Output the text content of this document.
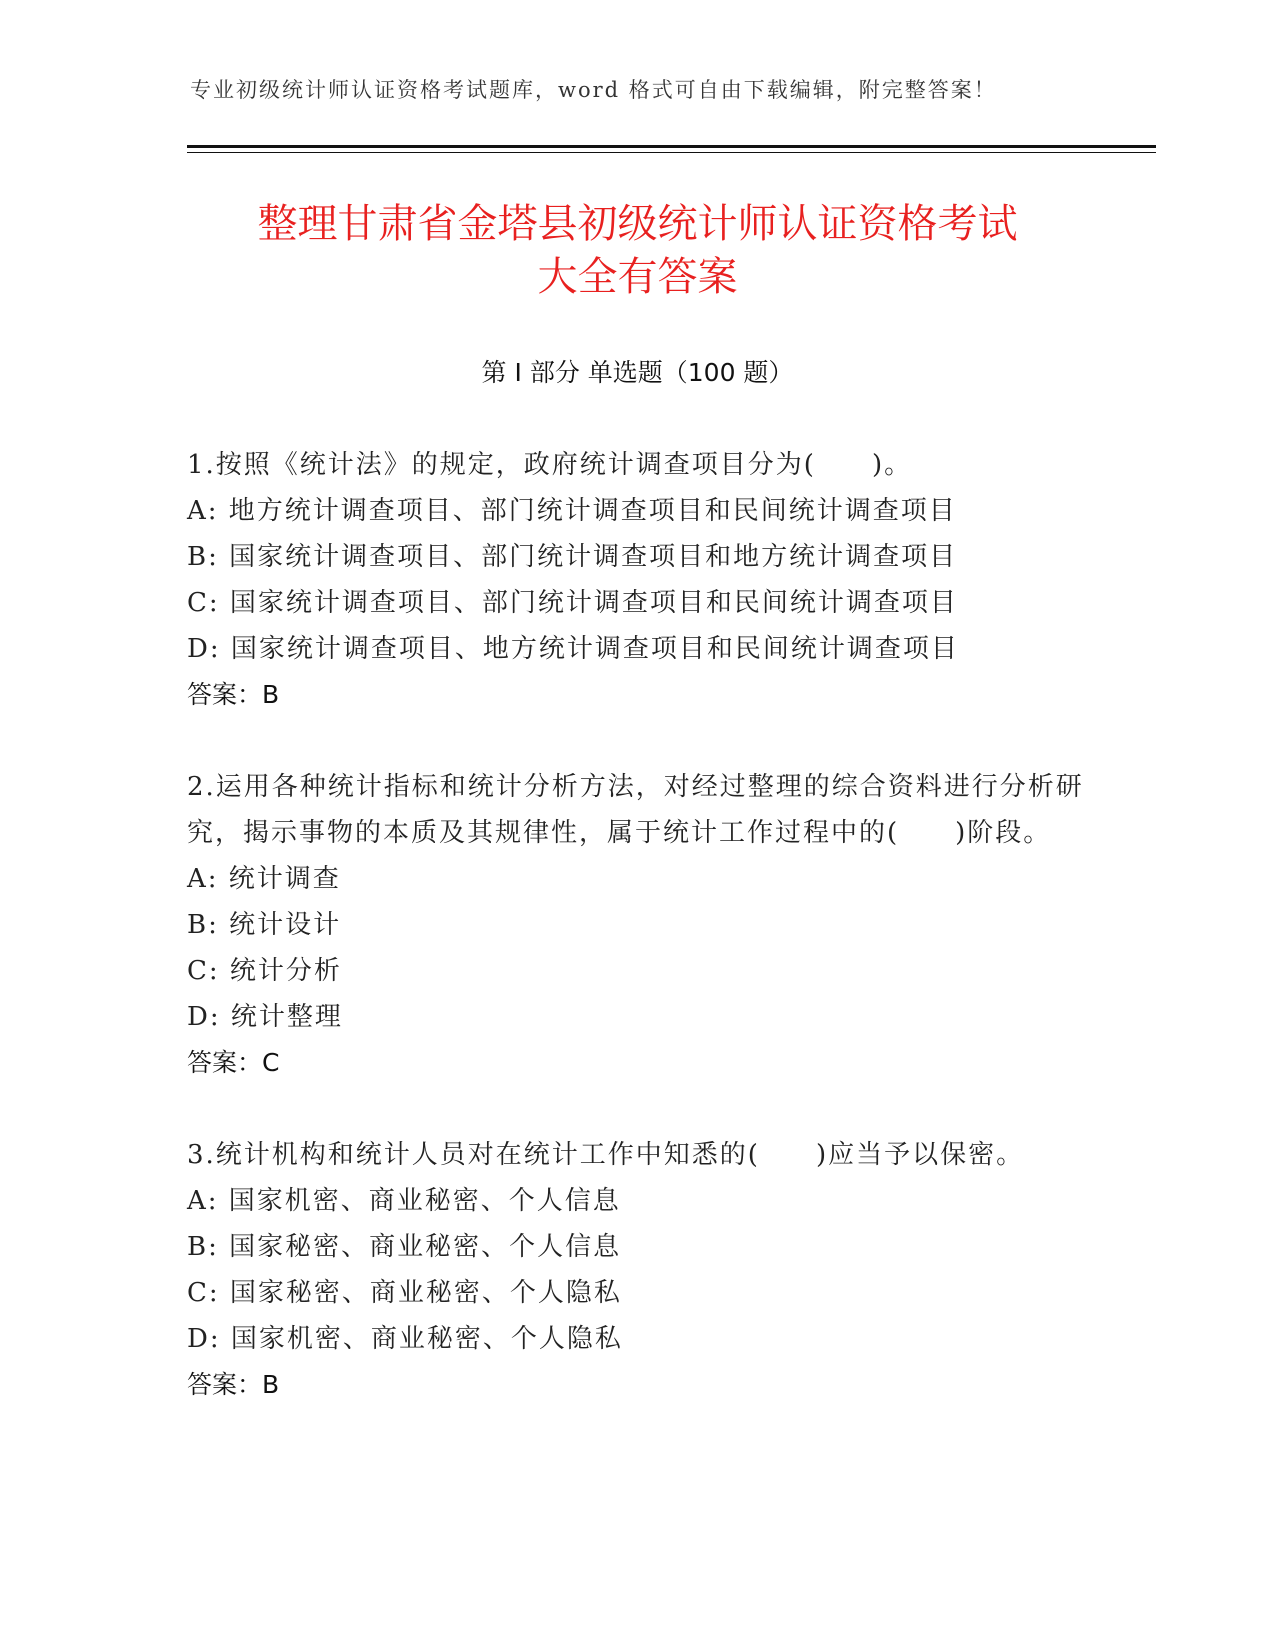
专业初级统计师认证资格考试题库，word 格式可自由下载编辑，附完整答案！
整理甘肃省金塔县初级统计师认证资格考试
大全有答案
第 I 部分 单选题（100 题）
1.按照《统计法》的规定，政府统计调查项目分为(　　)。
A: 地方统计调查项目、部门统计调查项目和民间统计调查项目
B: 国家统计调查项目、部门统计调查项目和地方统计调查项目
C: 国家统计调查项目、部门统计调查项目和民间统计调查项目
D: 国家统计调查项目、地方统计调查项目和民间统计调查项目
答案：B
2.运用各种统计指标和统计分析方法，对经过整理的综合资料进行分析研究，揭示事物的本质及其规律性，属于统计工作过程中的(　　)阶段。
A: 统计调查
B: 统计设计
C: 统计分析
D: 统计整理
答案：C
3.统计机构和统计人员对在统计工作中知悉的(　　)应当予以保密。
A: 国家机密、商业秘密、个人信息
B: 国家秘密、商业秘密、个人信息
C: 国家秘密、商业秘密、个人隐私
D: 国家机密、商业秘密、个人隐私
答案：B
